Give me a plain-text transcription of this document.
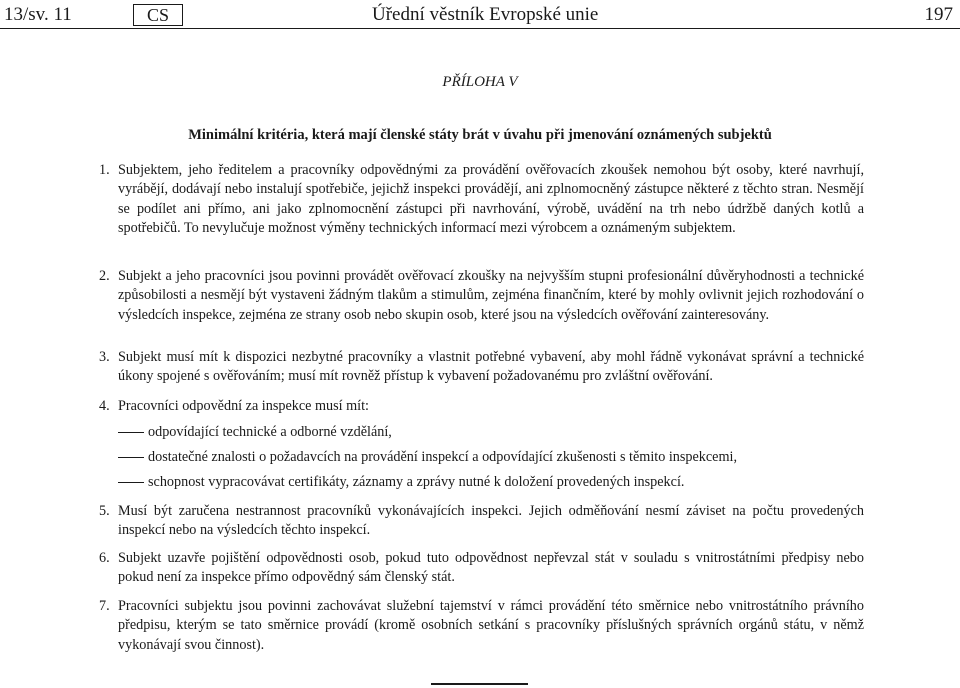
13/sv. 11	CS	Úřední věstník Evropské unie	197
PŘÍLOHA V
Minimální kritéria, která mají členské státy brát v úvahu při jmenování oznámených subjektů
1. Subjektem, jeho ředitelem a pracovníky odpovědnými za provádění ověřovacích zkoušek nemohou být osoby, které navrhují, vyrábějí, dodávají nebo instalují spotřebiče, jejichž inspekci provádějí, ani zplnomocněný zástupce některé z těchto stran. Nesmějí se podílet ani přímo, ani jako zplnomocnění zástupci při navrhování, výrobě, uvádění na trh nebo údržbě daných kotlů a spotřebičů. To nevylučuje možnost výměny technických informací mezi výrobcem a oznámeným subjektem.
2. Subjekt a jeho pracovníci jsou povinni provádět ověřovací zkoušky na nejvyšším stupni profesionální důvěryhodnosti a technické způsobilosti a nesmějí být vystaveni žádným tlakům a stimulům, zejména finančním, které by mohly ovlivnit jejich rozhodování o výsledcích inspekce, zejména ze strany osob nebo skupin osob, které jsou na výsledcích ověřování zainteresovány.
3. Subjekt musí mít k dispozici nezbytné pracovníky a vlastnit potřebné vybavení, aby mohl řádně vykonávat správní a technické úkony spojené s ověřováním; musí mít rovněž přístup k vybavení požadovanému pro zvláštní ověřování.
4. Pracovníci odpovědní za inspekce musí mít:
odpovídající technické a odborné vzdělání,
dostatečné znalosti o požadavcích na provádění inspekcí a odpovídající zkušenosti s těmito inspekcemi,
schopnost vypracovávat certifikáty, záznamy a zprávy nutné k doložení provedených inspekcí.
5. Musí být zaručena nestrannost pracovníků vykonávajících inspekci. Jejich odměňování nesmí záviset na počtu provedených inspekcí nebo na výsledcích těchto inspekcí.
6. Subjekt uzavře pojištění odpovědnosti osob, pokud tuto odpovědnost nepřevzal stát v souladu s vnitrostátními předpisy nebo pokud není za inspekce přímo odpovědný sám členský stát.
7. Pracovníci subjektu jsou povinni zachovávat služební tajemství v rámci provádění této směrnice nebo vnitrostátního právního předpisu, kterým se tato směrnice provádí (kromě osobních setkání s pracovníky příslušných správních orgánů státu, v němž vykonávají svou činnost).
